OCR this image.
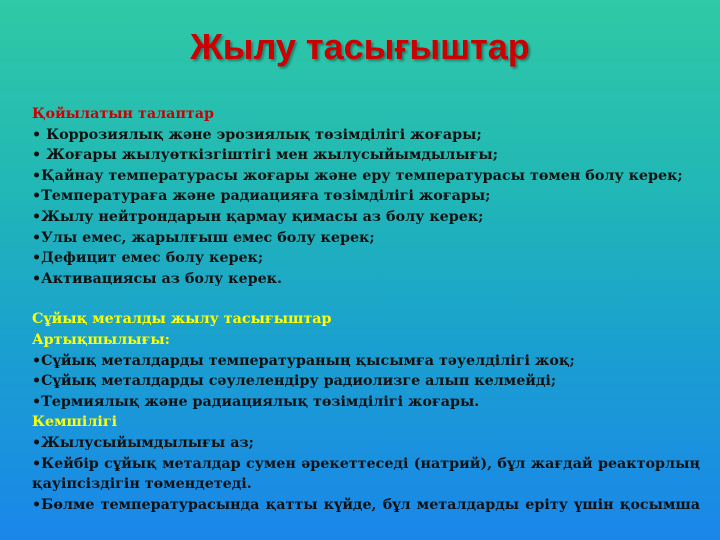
Жылу тасығыштар
Қойылатын талаптар
• Коррозиялық және эрозиялық төзімділігі жоғары;
• Жоғары жылуөткізгіштігі мен жылусыйымдылығы;
•Қайнау температурасы жоғары және еру температурасы төмен болу керек;
•Температураға және радиацияға төзімділігі жоғары;
•Жылу нейтрондарын қармау қимасы аз болу керек;
•Улы емес, жарылғыш емес болу керек;
•Дефицит емес болу керек;
•Активациясы аз болу керек.
Сұйық металды жылу тасығыштар
Артықшылығы:
•Сұйық металдарды температураның қысымға тәуелділігі жоқ;
•Сұйық металдарды сәулелендіру радиолизге алып келмейді;
•Термиялық және радиациялық төзімділігі жоғары.
Кемшілігі
•Жылусыйымдылығы аз;
•Кейбір сұйық металдар сумен әрекеттеседі (натрий), бұл жағдай реакторлың
қауіпсіздігін төмендетеді.
•Бөлме температурасында қатты күйде, бұл металдарды еріту үшін қосымша
